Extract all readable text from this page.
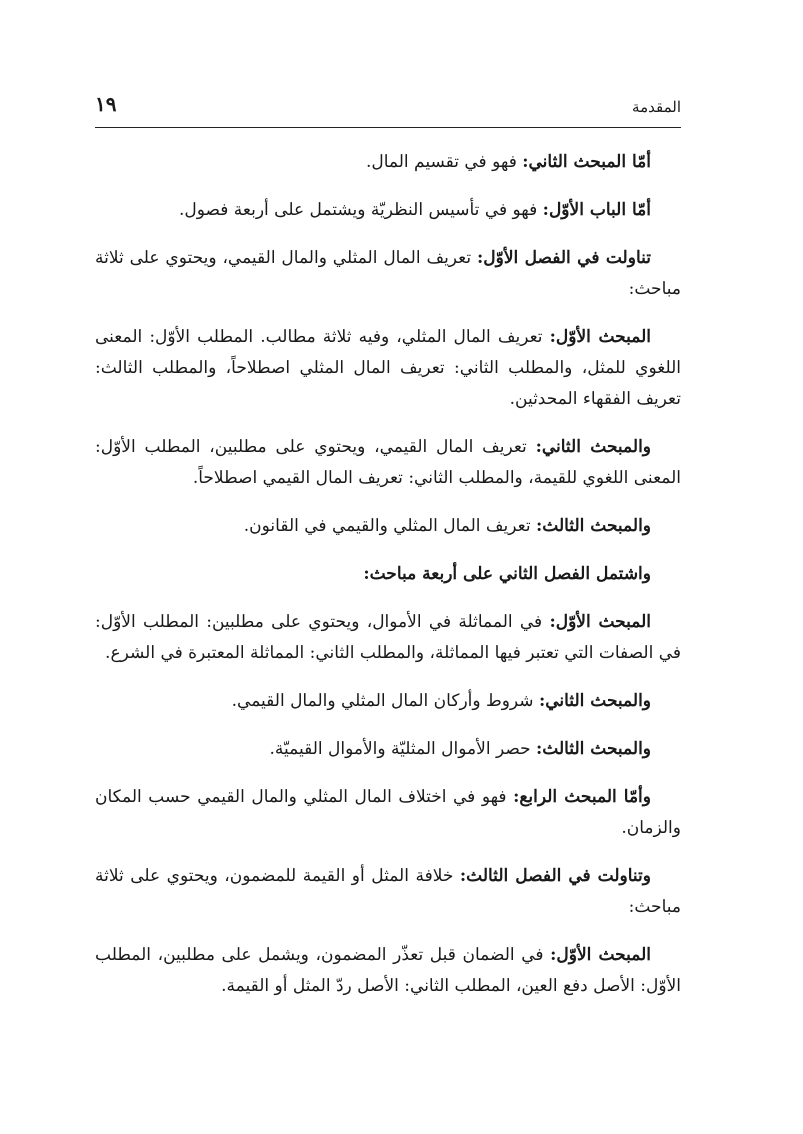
المقدمة
١٩

أمّا المبحث الثاني: فهو في تقسيم المال.

أمّا الباب الأوّل: فهو في تأسيس النظريّة ويشتمل على أربعة فصول.

تناولت في الفصل الأوّل: تعريف المال المثلي والمال القيمي، ويحتوي على ثلاثة مباحث:

المبحث الأوّل: تعريف المال المثلي، وفيه ثلاثة مطالب. المطلب الأوّل: المعنى اللغوي للمثل، والمطلب الثاني: تعريف المال المثلي اصطلاحاً، والمطلب الثالث: تعريف الفقهاء المحدثين.

والمبحث الثاني: تعريف المال القيمي، ويحتوي على مطلبين، المطلب الأوّل: المعنى اللغوي للقيمة، والمطلب الثاني: تعريف المال القيمي اصطلاحاً.

والمبحث الثالث: تعريف المال المثلي والقيمي في القانون.

واشتمل الفصل الثاني على أربعة مباحث:

المبحث الأوّل: في المماثلة في الأموال، ويحتوي على مطلبين: المطلب الأوّل: في الصفات التي تعتبر فيها المماثلة، والمطلب الثاني: المماثلة المعتبرة في الشرع.

والمبحث الثاني: شروط وأركان المال المثلي والمال القيمي.

والمبحث الثالث: حصر الأموال المثليّة والأموال القيميّة.

وأمّا المبحث الرابع: فهو في اختلاف المال المثلي والمال القيمي حسب المكان والزمان.

وتناولت في الفصل الثالث: خلافة المثل أو القيمة للمضمون، ويحتوي على ثلاثة مباحث:

المبحث الأوّل: في الضمان قبل تعذّر المضمون، ويشمل على مطلبين، المطلب الأوّل: الأصل دفع العين، المطلب الثاني: الأصل ردّ المثل أو القيمة.
